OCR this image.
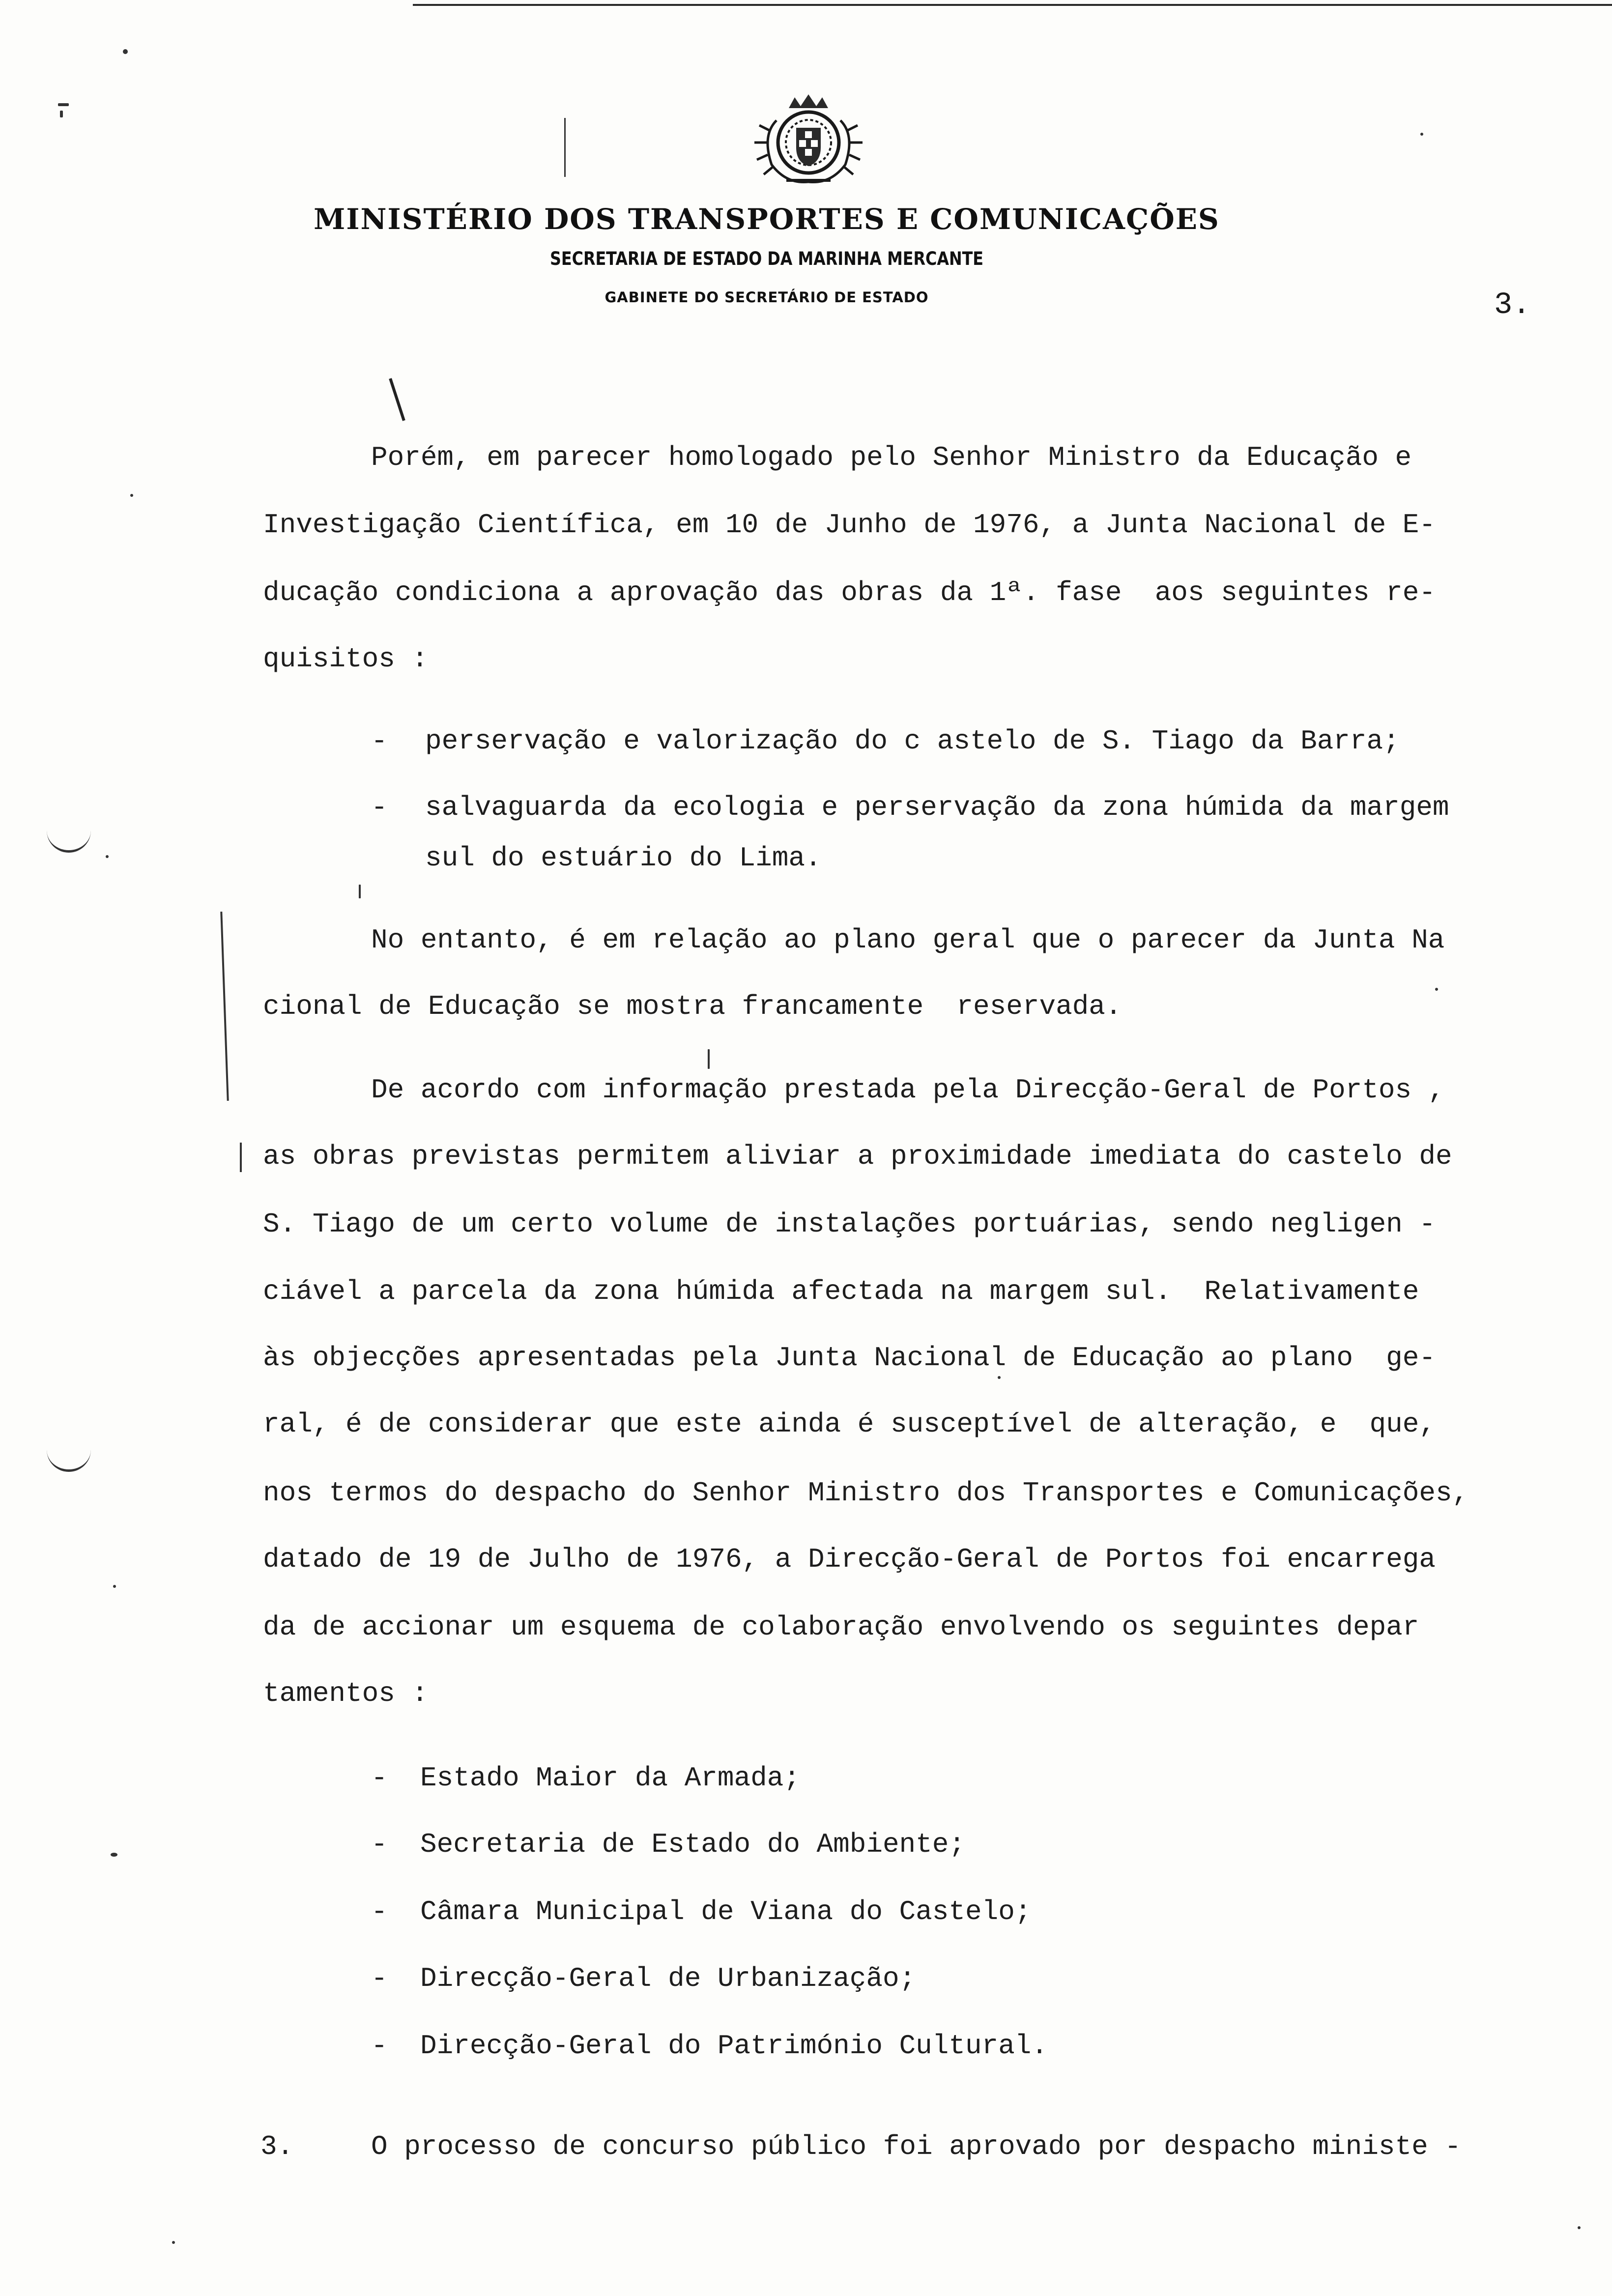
MINISTÉRIO DOS TRANSPORTES E COMUNICAÇÕES
SECRETARIA DE ESTADO DA MARINHA MERCANTE
GABINETE DO SECRETÁRIO DE ESTADO	3.
Porém, em parecer homologado pelo Senhor Ministro da Educação e
Investigação Científica, em 10 de Junho de 1976, a Junta Nacional de E-
ducação condiciona a aprovação das obras da 1ª. fase  aos seguintes re-
quisitos :
- perservação e valorização do c astelo de S. Tiago da Barra;
- salvaguarda da ecologia e perservação da zona húmida da margem
sul do estuário do Lima.
No entanto, é em relação ao plano geral que o parecer da Junta Na
cional de Educação se mostra francamente  reservada.
De acordo com informação prestada pela Direcção-Geral de Portos ,
as obras previstas permitem aliviar a proximidade imediata do castelo de
S. Tiago de um certo volume de instalações portuárias, sendo negligen -
ciável a parcela da zona húmida afectada na margem sul.  Relativamente
às objecções apresentadas pela Junta Nacional de Educação ao plano  ge-
ral, é de considerar que este ainda é susceptível de alteração, e  que,
nos termos do despacho do Senhor Ministro dos Transportes e Comunicações,
datado de 19 de Julho de 1976, a Direcção-Geral de Portos foi encarrega
da de accionar um esquema de colaboração envolvendo os seguintes depar
tamentos :
- Estado Maior da Armada;
- Secretaria de Estado do Ambiente;
- Câmara Municipal de Viana do Castelo;
- Direcção-Geral de Urbanização;
- Direcção-Geral do Património Cultural.
3.	O processo de concurso público foi aprovado por despacho ministe -
